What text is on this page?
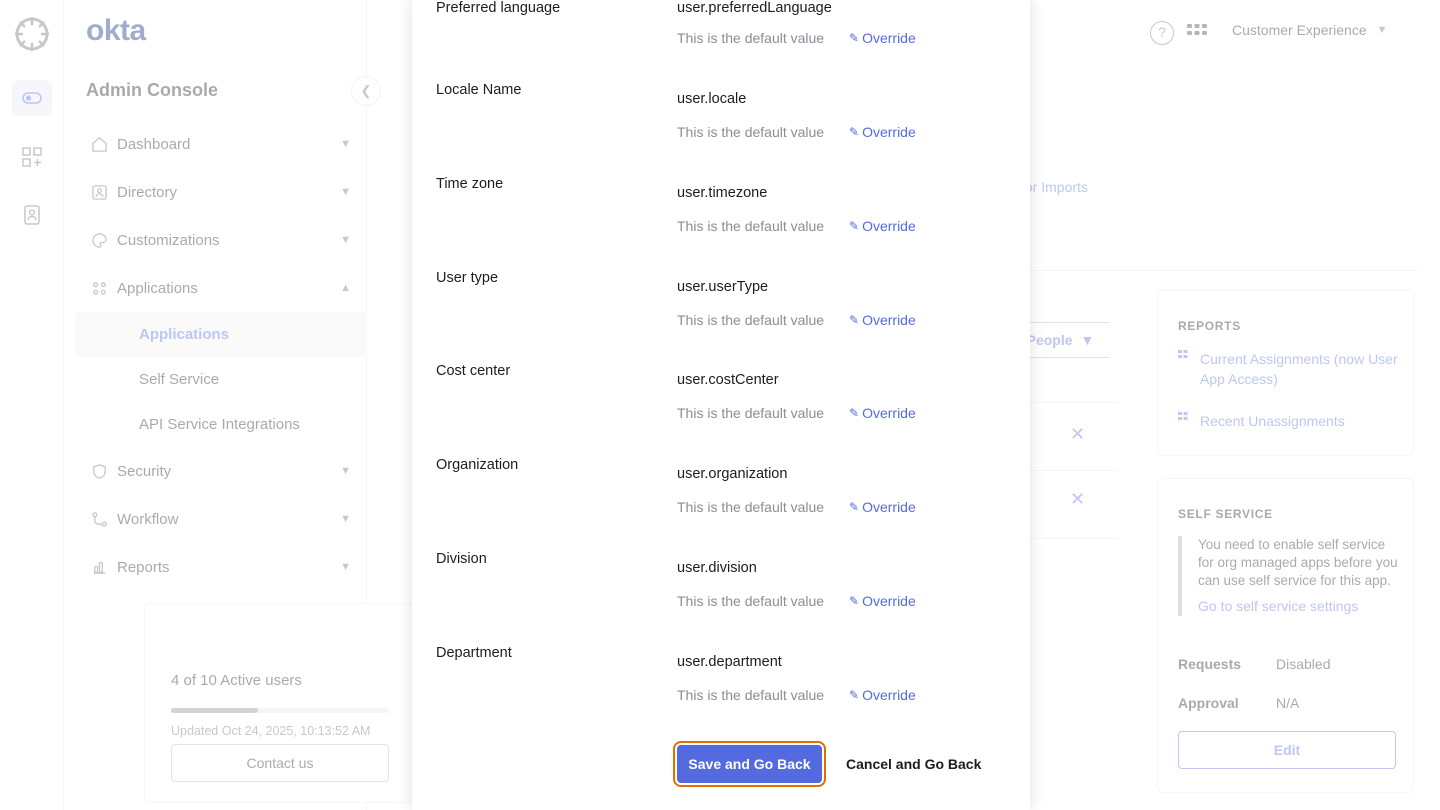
Preferred language	user.preferredLanguage
This is the default value ✎ Override
Locale Name
user.locale
This is the default value ✎ Override
Time zone
user.timezone
This is the default value ✎ Override
User type
user.userType
This is the default value ✎ Override
Cost center
user.costCenter
This is the default value ✎ Override
Organization
user.organization
This is the default value ✎ Override
Division
user.division
This is the default value ✎ Override
Department
user.department
This is the default value ✎ Override
Save and Go Back	Cancel and Go Back
